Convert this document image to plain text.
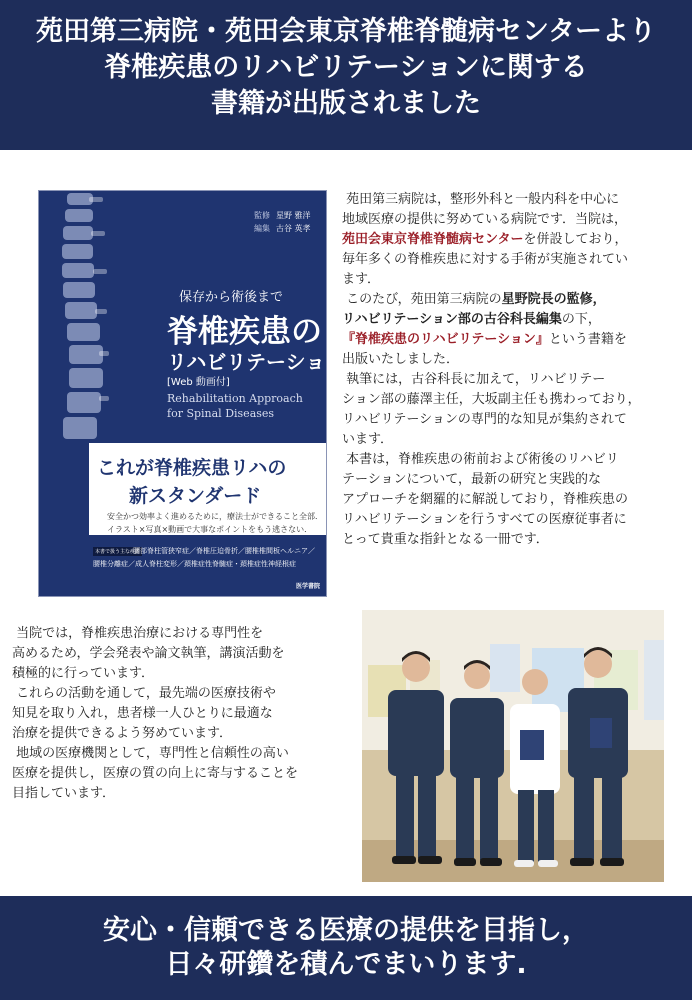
苑田第三病院・苑田会東京脊椎脊髄病センターより
脊椎疾患のリハビリテーションに関する
書籍が出版されました
監修 星野 雅洋
編集 古谷 英孝
保存から術後まで
脊椎疾患の
リハビリテーション
[Web 動画付]
Rehabilitation Approach
for Spinal Diseases
これが脊椎疾患リハの
新スタンダード
安全かつ効率よく進めるために，療法士ができること全部．
イラスト×写真×動画で大事なポイントをもう逃さない．
本書で扱う主な疾患
腰部脊柱管狭窄症／脊椎圧迫骨折／腰椎椎間板ヘルニア／
腰椎分離症／成人脊柱変形／頚椎症性脊髄症・頚椎症性神経根症
医学書院

苑田第三病院は，整形外科と一般内科を中心に

地域医療の提供に努めている病院です．当院は，

苑田会東京脊椎脊髄病センターを併設しており，

毎年多くの脊椎疾患に対する手術が実施されてい

ます．

このたび，苑田第三病院の星野院長の監修，

リハビリテーション部の古谷科長編集の下，

『脊椎疾患のリハビリテーション』という書籍を

出版いたしました．

執筆には，古谷科長に加えて，リハビリテー

ション部の藤澤主任，大坂副主任も携わっており，

リハビリテーションの専門的な知見が集約されて

います．

本書は，脊椎疾患の術前および術後のリハビリ

テーションについて，最新の研究と実践的な

アプローチを網羅的に解説しており，脊椎疾患の

リハビリテーションを行うすべての医療従事者に

とって貴重な指針となる一冊です．

当院では，脊椎疾患治療における専門性を

高めるため，学会発表や論文執筆，講演活動を

積極的に行っています．

これらの活動を通して，最先端の医療技術や

知見を取り入れ，患者様一人ひとりに最適な

治療を提供できるよう努めています．

地域の医療機関として，専門性と信頼性の高い

医療を提供し，医療の質の向上に寄与することを

目指しています．

安心・信頼できる医療の提供を目指し，
日々研鑽を積んでまいります.
